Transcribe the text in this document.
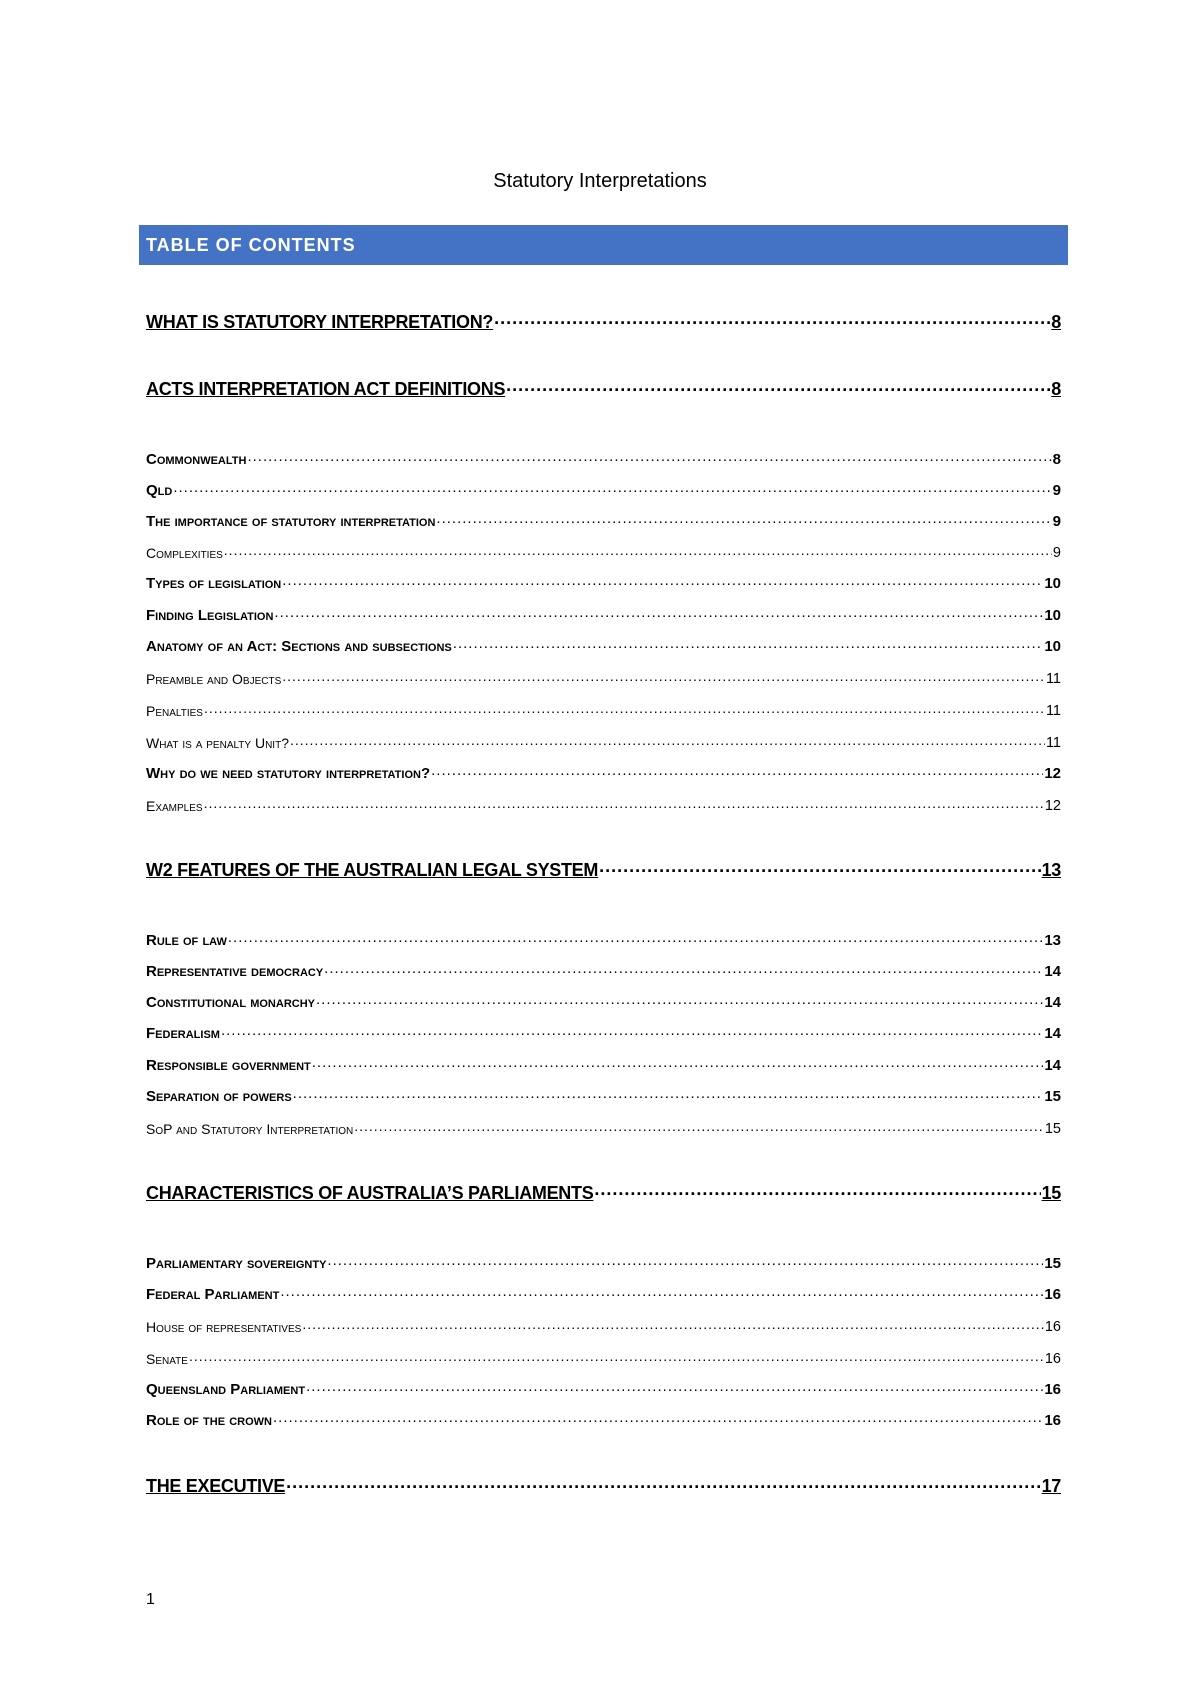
Statutory Interpretations
TABLE OF CONTENTS
WHAT IS STATUTORY INTERPRETATION? .....	8
ACTS INTERPRETATION ACT DEFINITIONS .....	8
Commonwealth .....	8
Qld .....	9
The importance of statutory interpretation .....	9
Complexities .....	9
Types of legislation .....	10
Finding Legislation .....	10
Anatomy of an Act: Sections and subsections .....	10
Preamble and Objects .....	11
Penalties .....	11
What is a penalty Unit? .....	11
Why do we need statutory interpretation? .....	12
Examples .....	12
W2 FEATURES OF THE AUSTRALIAN LEGAL SYSTEM .....	13
Rule of law .....	13
Representative democracy .....	14
Constitutional monarchy .....	14
Federalism .....	14
Responsible government .....	14
Separation of powers .....	15
SoP and Statutory Interpretation .....	15
CHARACTERISTICS OF AUSTRALIA’S PARLIAMENTS .....	15
Parliamentary sovereignty .....	15
Federal Parliament .....	16
House of representatives .....	16
Senate .....	16
Queensland Parliament .....	16
Role of the crown .....	16
THE EXECUTIVE .....	17
1
